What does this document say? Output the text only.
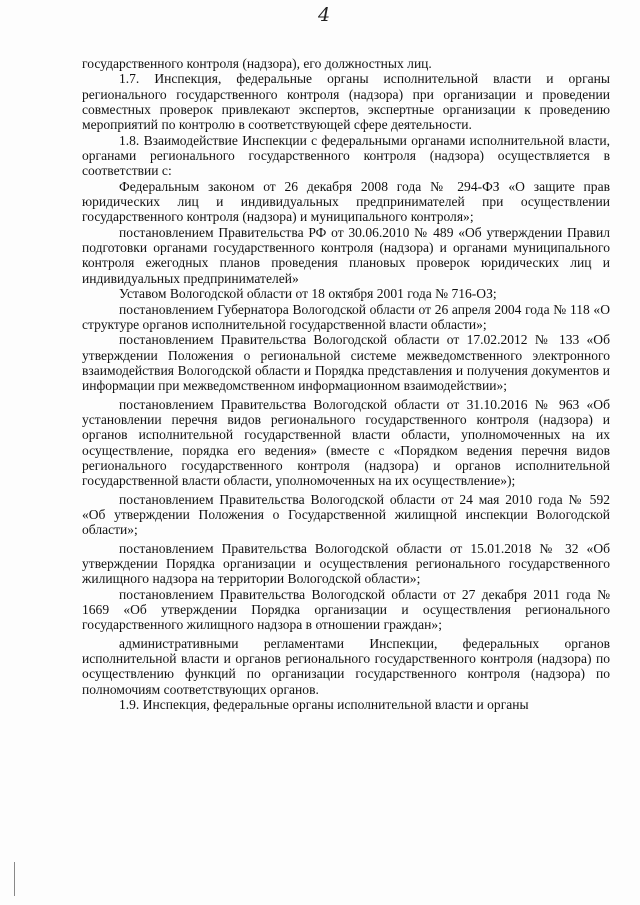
4

государственного контроля (надзора), его должностных лиц.

1.7. Инспекция, федеральные органы исполнительной власти и органы регионального государственного контроля (надзора) при организации и проведении совместных проверок привлекают экспертов, экспертные организации к проведению мероприятий по контролю в соответствующей сфере деятельности.

1.8. Взаимодействие Инспекции с федеральными органами исполнительной власти, органами регионального государственного контроля (надзора) осуществляется в соответствии с:

Федеральным законом от 26 декабря 2008 года № 294-ФЗ «О защите прав юридических лиц и индивидуальных предпринимателей при осуществлении государственного контроля (надзора) и муниципального контроля»;

постановлением Правительства РФ от 30.06.2010 № 489 «Об утверждении Правил подготовки органами государственного контроля (надзора) и органами муниципального контроля ежегодных планов проведения плановых проверок юридических лиц и индивидуальных предпринимателей»

Уставом Вологодской области от 18 октября 2001 года № 716-ОЗ;

постановлением Губернатора Вологодской области от 26 апреля 2004 года № 118 «О структуре органов исполнительной государственной власти области»;

постановлением Правительства Вологодской области от 17.02.2012 № 133 «Об утверждении Положения о региональной системе межведомственного электронного взаимодействия Вологодской области и Порядка представления и получения документов и информации при межведомственном информационном взаимодействии»;

постановлением Правительства Вологодской области от 31.10.2016 № 963 «Об установлении перечня видов регионального государственного контроля (надзора) и органов исполнительной государственной власти области, уполномоченных на их осуществление, порядка его ведения» (вместе с «Порядком ведения перечня видов регионального государственного контроля (надзора) и органов исполнительной государственной власти области, уполномоченных на их осуществление»);

постановлением Правительства Вологодской области от 24 мая 2010 года № 592 «Об утверждении Положения о Государственной жилищной инспекции Вологодской области»;

постановлением Правительства Вологодской области от 15.01.2018 № 32 «Об утверждении Порядка организации и осуществления регионального государственного жилищного надзора на территории Вологодской области»;

постановлением Правительства Вологодской области от 27 декабря 2011 года № 1669 «Об утверждении Порядка организации и осуществления регионального государственного жилищного надзора в отношении граждан»;

административными регламентами Инспекции, федеральных органов исполнительной власти и органов регионального государственного контроля (надзора) по осуществлению функций по организации государственного контроля (надзора) по полномочиям соответствующих органов.

1.9. Инспекция, федеральные органы исполнительной власти и органы
